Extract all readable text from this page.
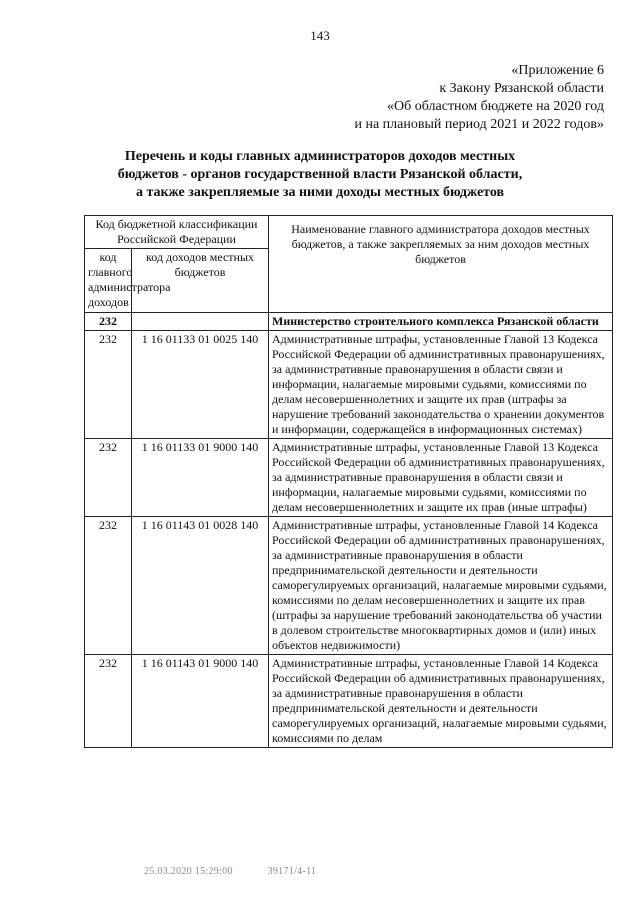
143
«Приложение 6
к Закону Рязанской области
«Об областном бюджете на 2020 год
и на плановый период 2021 и 2022 годов»
Перечень и коды главных администраторов доходов местных
бюджетов - органов государственной власти Рязанской области,
а также закрепляемые за ними доходы местных бюджетов
Код бюджетной классификации Российской Федерации		Наименование главного администратора доходов местных бюджетов, а также закрепляемых за ним доходов местных бюджетов
код главного администратора доходов	код доходов местных бюджетов	
232		Министерство строительного комплекса Рязанской области
232	1 16 01133 01 0025 140	Административные штрафы, установленные Главой 13 Кодекса Российской Федерации об административных правонарушениях, за административные правонарушения в области связи и информации, налагаемые мировыми судьями, комиссиями по делам несовершеннолетних и защите их прав (штрафы за нарушение требований законодательства о хранении документов и информации, содержащейся в информационных системах)
232	1 16 01133 01 9000 140	Административные штрафы, установленные Главой 13 Кодекса Российской Федерации об административных правонарушениях, за административные правонарушения в области связи и информации, налагаемые мировыми судьями, комиссиями по делам несовершеннолетних и защите их прав (иные штрафы)
232	1 16 01143 01 0028 140	Административные штрафы, установленные Главой 14 Кодекса Российской Федерации об административных правонарушениях, за административные правонарушения в области предпринимательской деятельности и деятельности саморегулируемых организаций, налагаемые мировыми судьями, комиссиями по делам несовершеннолетних и защите их прав (штрафы за нарушение требований законодательства об участии в долевом строительстве многоквартирных домов и (или) иных объектов недвижимости)
232	1 16 01143 01 9000 140	Административные штрафы, установленные Главой 14 Кодекса Российской Федерации об административных правонарушениях, за административные правонарушения в области предпринимательской деятельности и деятельности саморегулируемых организаций, налагаемые мировыми судьями, комиссиями по делам
25.03.2020 15:29:00	39171/4-11
